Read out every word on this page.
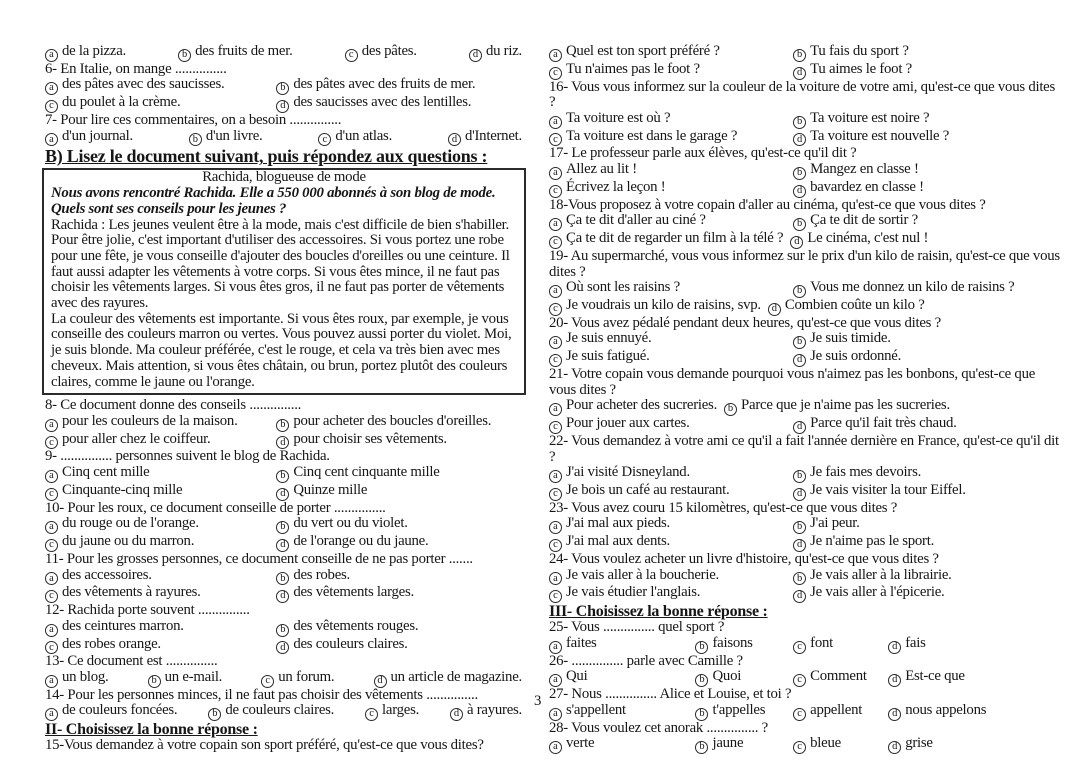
a de la pizza.	b des fruits de mer.	c des pâtes.	d du riz.
6- En Italie, on mange ...............
a des pâtes avec des saucisses.	b des pâtes avec des fruits de mer.
c du poulet à la crème.	d des saucisses avec des lentilles.
7- Pour lire ces commentaires, on a besoin ...............
a d'un journal.	b d'un livre.	c d'un atlas.	d d'Internet.
B) Lisez le document suivant, puis répondez aux questions :
Rachida, blogueuse de mode
Nous avons rencontré Rachida. Elle a 550 000 abonnés à son blog de mode. Quels sont ses conseils pour les jeunes ?
Rachida : Les jeunes veulent être à la mode, mais c'est difficile de bien s'habiller. Pour être jolie, c'est important d'utiliser des accessoires. Si vous portez une robe pour une fête, je vous conseille d'ajouter des boucles d'oreilles ou une ceinture. Il faut aussi adapter les vêtements à votre corps. Si vous êtes mince, il ne faut pas choisir les vêtements larges. Si vous êtes gros, il ne faut pas porter de vêtements avec des rayures.
La couleur des vêtements est importante. Si vous êtes roux, par exemple, je vous conseille des couleurs marron ou vertes. Vous pouvez aussi porter du violet. Moi, je suis blonde. Ma couleur préférée, c'est le rouge, et cela va très bien avec mes cheveux. Mais attention, si vous êtes châtain, ou brun, portez plutôt des couleurs claires, comme le jaune ou l'orange.
8- Ce document donne des conseils ...............
a pour les couleurs de la maison.	b pour acheter des boucles d'oreilles.
c pour aller chez le coiffeur.	d pour choisir ses vêtements.
9- ............... personnes suivent le blog de Rachida.
a Cinq cent mille	b Cinq cent cinquante mille
c Cinquante-cinq mille	d Quinze mille
10- Pour les roux, ce document conseille de porter ...............
a du rouge ou de l'orange.	b du vert ou du violet.
c du jaune ou du marron.	d de l'orange ou du jaune.
11- Pour les grosses personnes, ce document conseille de ne pas porter .......
a des accessoires.	b des robes.
c des vêtements à rayures.	d des vêtements larges.
12- Rachida porte souvent ...............
a des ceintures marron.	b des vêtements rouges.
c des robes orange.	d des couleurs claires.
13- Ce document est ...............
a un blog.	b un e-mail.	c un forum.	d un article de magazine.
14- Pour les personnes minces, il ne faut pas choisir des vêtements ...............
a de couleurs foncées.	b de couleurs claires.	c larges.	d à rayures.
II- Choisissez la bonne réponse :
15-Vous demandez à votre copain son sport préféré, qu'est-ce que vous dites?
a Quel est ton sport préféré ?	b Tu fais du sport ?
c Tu n'aimes pas le foot ?	d Tu aimes le foot ?
16- Vous vous informez sur la couleur de la voiture de votre ami, qu'est-ce que vous dites ?
a Ta voiture est où ?	b Ta voiture est noire ?
c Ta voiture est dans le garage ?	d Ta voiture est nouvelle ?
17- Le professeur parle aux élèves, qu'est-ce qu'il dit ?
a Allez au lit !	b Mangez en classe !
c Écrivez la leçon !	d bavardez en classe !
18-Vous proposez à votre copain d'aller au cinéma, qu'est-ce que vous dites ?
a Ça te dit d'aller au ciné ?	b Ça te dit de sortir ?
c Ça te dit de regarder un film à la télé ?	d Le cinéma, c'est nul !
19- Au supermarché, vous vous informez sur le prix d'un kilo de raisin, qu'est-ce que vous dites ?
a Où sont les raisins ?	b Vous me donnez un kilo de raisins ?
c Je voudrais un kilo de raisins, svp.	d Combien coûte un kilo ?
20- Vous avez pédalé pendant deux heures, qu'est-ce que vous dites ?
a Je suis ennuyé.	b Je suis timide.
c Je suis fatigué.	d Je suis ordonné.
21- Votre copain vous demande pourquoi vous n'aimez pas les bonbons, qu'est-ce que vous dites ?
a Pour acheter des sucreries.	b Parce que je n'aime pas les sucreries.
c Pour jouer aux cartes.	d Parce qu'il fait très chaud.
22- Vous demandez à votre ami ce qu'il a fait l'année dernière en France, qu'est-ce qu'il dit ?
a J'ai visité Disneyland.	b Je fais mes devoirs.
c Je bois un café au restaurant.	d Je vais visiter la tour Eiffel.
23- Vous avez couru 15 kilomètres, qu'est-ce que vous dites ?
a J'ai mal aux pieds.	b J'ai peur.
c J'ai mal aux dents.	d Je n'aime pas le sport.
24- Vous voulez acheter un livre d'histoire, qu'est-ce que vous dites ?
a Je vais aller à la boucherie.	b Je vais aller à la librairie.
c Je vais étudier l'anglais.	d Je vais aller à l'épicerie.
III- Choisissez la bonne réponse :
25- Vous ............... quel sport ?
a faites	b faisons	c font	d fais
26- ............... parle avec Camille ?
a Qui	b Quoi	c Comment	d Est-ce que
27- Nous ............... Alice et Louise, et toi ?
a s'appellent	b t'appelles	c appellent	d nous appelons
28- Vous voulez cet anorak ............... ?
a verte	b jaune	c bleue	d grise
3
